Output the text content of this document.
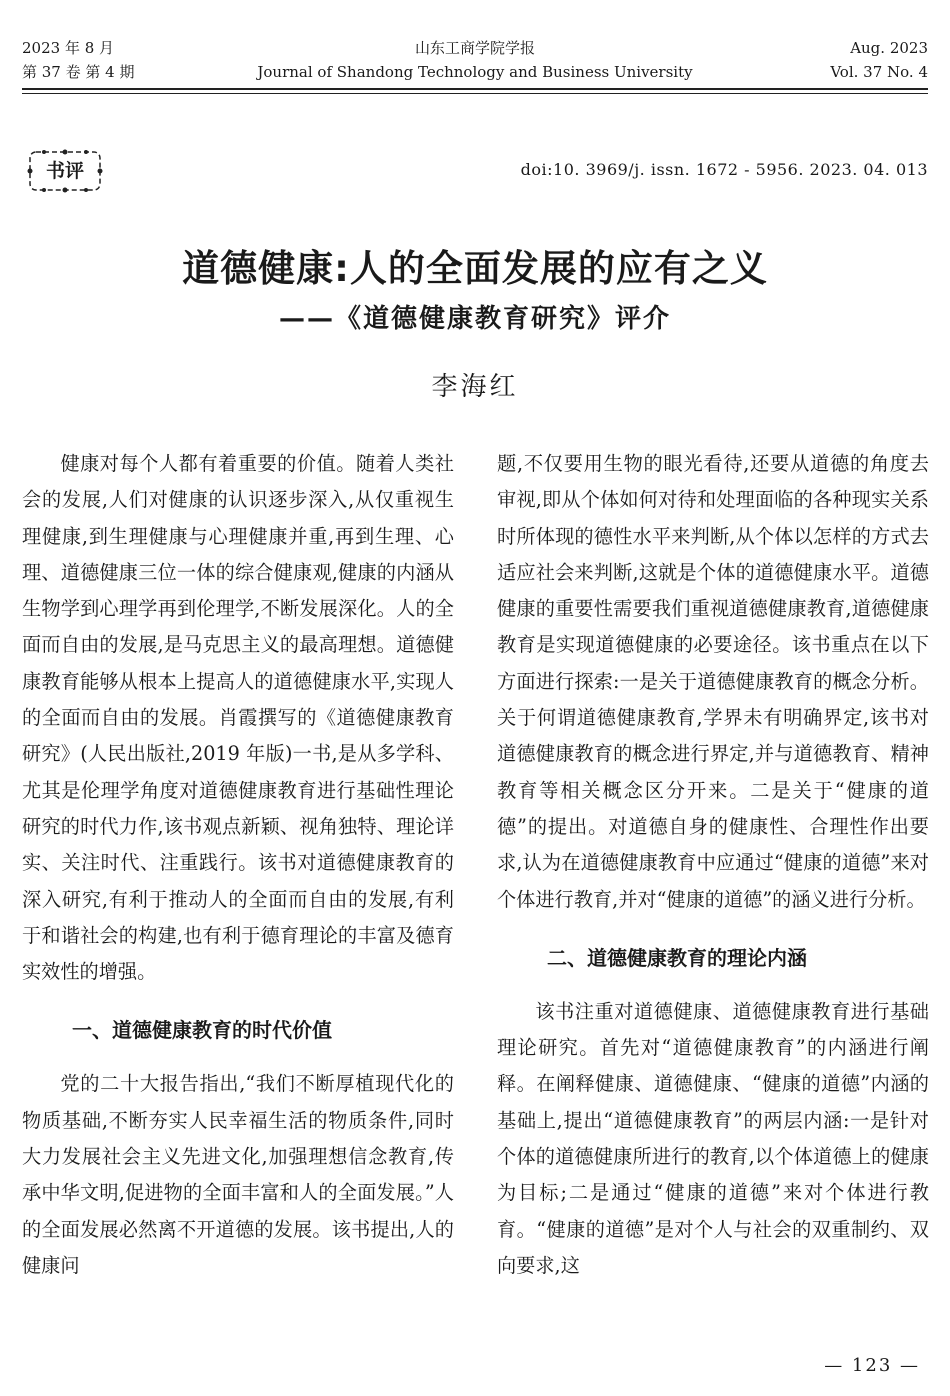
2023 年 8 月
第 37 卷 第 4 期
山东工商学院学报
Journal of Shandong Technology and Business University
Aug. 2023
Vol. 37 No. 4
书评	doi:10. 3969/j. issn. 1672 - 5956. 2023. 04. 013
道德健康:人的全面发展的应有之义
——《道德健康教育研究》评介
李海红

健康对每个人都有着重要的价值。随着人类社会的发展,人们对健康的认识逐步深入,从仅重视生理健康,到生理健康与心理健康并重,再到生理、心理、道德健康三位一体的综合健康观,健康的内涵从生物学到心理学再到伦理学,不断发展深化。人的全面而自由的发展,是马克思主义的最高理想。道德健康教育能够从根本上提高人的道德健康水平,实现人的全面而自由的发展。肖霞撰写的《道德健康教育研究》(人民出版社,2019 年版)一书,是从多学科、尤其是伦理学角度对道德健康教育进行基础性理论研究的时代力作,该书观点新颖、视角独特、理论详实、关注时代、注重践行。该书对道德健康教育的深入研究,有利于推动人的全面而自由的发展,有利于和谐社会的构建,也有利于德育理论的丰富及德育实效性的增强。

一、道德健康教育的时代价值

党的二十大报告指出,“我们不断厚植现代化的物质基础,不断夯实人民幸福生活的物质条件,同时大力发展社会主义先进文化,加强理想信念教育,传承中华文明,促进物的全面丰富和人的全面发展。”人的全面发展必然离不开道德的发展。该书提出,人的健康问

题,不仅要用生物的眼光看待,还要从道德的角度去审视,即从个体如何对待和处理面临的各种现实关系时所体现的德性水平来判断,从个体以怎样的方式去适应社会来判断,这就是个体的道德健康水平。道德健康的重要性需要我们重视道德健康教育,道德健康教育是实现道德健康的必要途径。该书重点在以下方面进行探索:一是关于道德健康教育的概念分析。关于何谓道德健康教育,学界未有明确界定,该书对道德健康教育的概念进行界定,并与道德教育、精神教育等相关概念区分开来。二是关于“健康的道德”的提出。对道德自身的健康性、合理性作出要求,认为在道德健康教育中应通过“健康的道德”来对个体进行教育,并对“健康的道德”的涵义进行分析。

二、道德健康教育的理论内涵

该书注重对道德健康、道德健康教育进行基础理论研究。首先对“道德健康教育”的内涵进行阐释。在阐释健康、道德健康、“健康的道德”内涵的基础上,提出“道德健康教育”的两层内涵:一是针对个体的道德健康所进行的教育,以个体道德上的健康为目标;二是通过“健康的道德”来对个体进行教育。“健康的道德”是对个人与社会的双重制约、双向要求,这

— 123 —
